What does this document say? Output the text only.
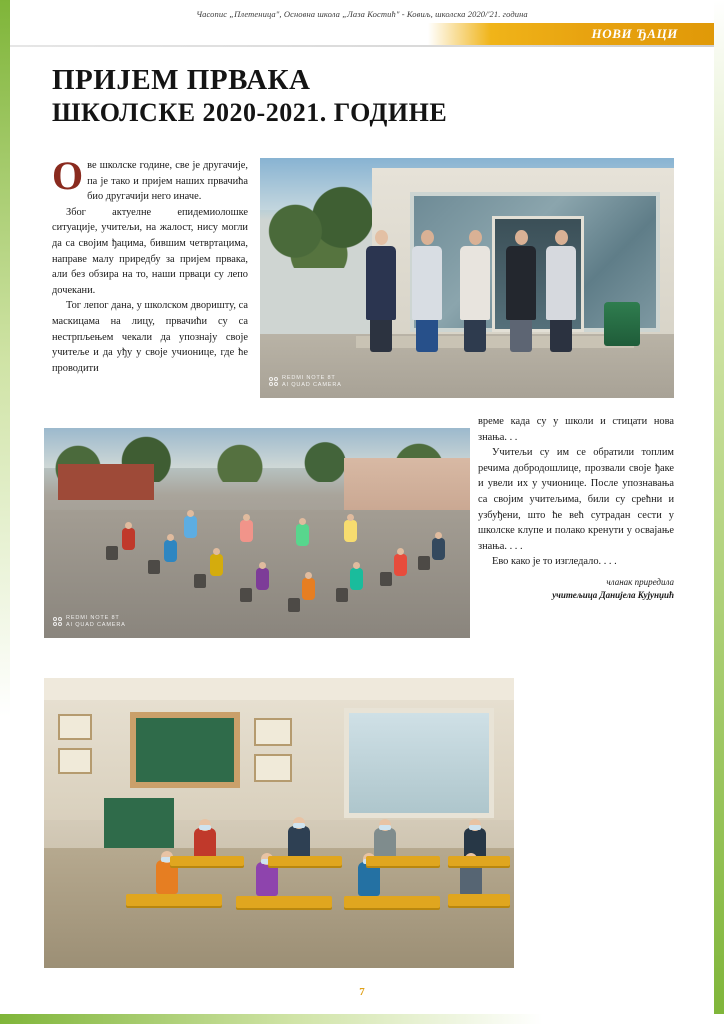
Часопис „Плетеница", Основна школа „Лаза Костић" - Ковиљ, школска 2020/'21. година
НОВИ ЂАЦИ
ПРИЈЕМ ПРВАКА
ШКОЛСКЕ 2020-2021. ГОДИНЕ

Ове школске године, све је другачије, па је тако и пријем наших првачића био другачији него иначе.

Због актуелне епидемиолошке ситуације, учитељи, на жалост, нису могли да са својим ђацима, бившим четвртацима, направе малу приредбу за пријем првака, али без обзира на то, наши прваци су лепо дочекани.

Тог лепог дана, у школском дворишту, са маскицама на лицу, првачићи су са нестрпљењем чекали да упознају своје учитеље и да уђу у своје учионице, где ће проводити

време када су у школи и стицати нова знања. . .

Учитељи су им се обратили топлим речима добродошлице, прозвали своје ђаке и увели их у учионице. После упознавања са својим учитељима, били су срећни и узбуђени, што ће већ сутрадан сести у школске клупе и полако кренути у освајање знања. . . .

Ево како је то изгледало. . . .

чланак приредила
учитељица Данијела Кујунџић
REDMI NOTE 8T
AI QUAD CAMERA
REDMI NOTE 8T
AI QUAD CAMERA
7
